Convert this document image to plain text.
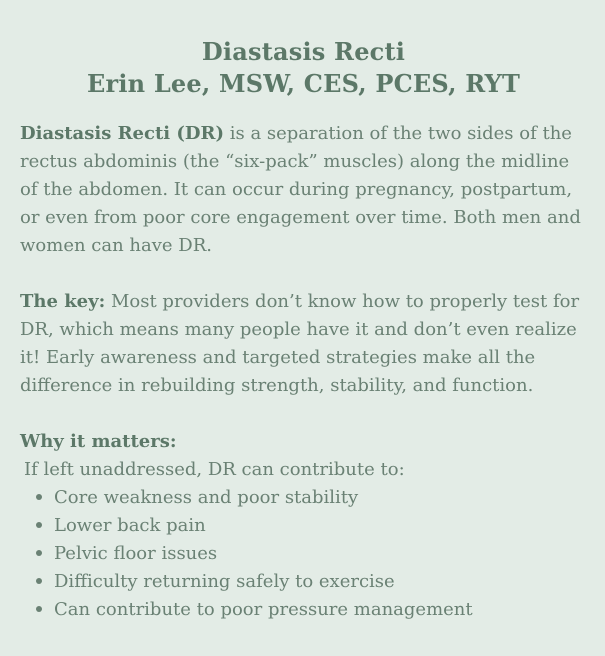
Diastasis Recti
Erin Lee, MSW, CES, PCES, RYT

Diastasis Recti (DR) is a separation of the two sides of the rectus abdominis (the “six-pack” muscles) along the midline of the abdomen. It can occur during pregnancy, postpartum, or even from poor core engagement over time. Both men and women can have DR.

The key: Most providers don’t know how to properly test for DR, which means many people have it and don’t even realize it! Early awareness and targeted strategies make all the difference in rebuilding strength, stability, and function.

Why it matters:

If left unaddressed, DR can contribute to:

Core weakness and poor stability
Lower back pain
Pelvic floor issues
Difficulty returning safely to exercise
Can contribute to poor pressure management
